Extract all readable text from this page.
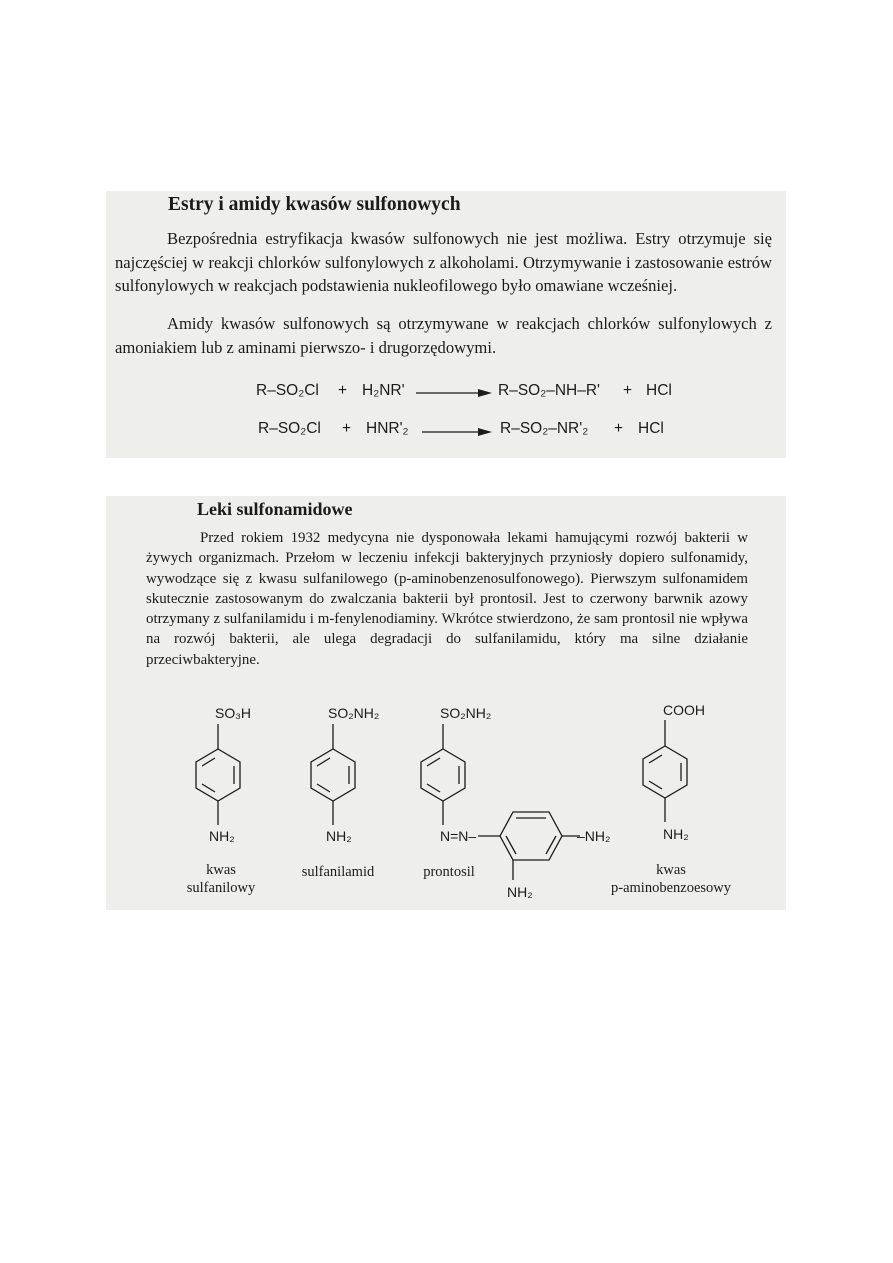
Estry i amidy kwasów sulfonowych

Bezpośrednia estryfikacja kwasów sulfonowych nie jest możliwa. Estry otrzymuje się najczęściej w reakcji chlorków sulfonylowych z alkoholami. Otrzymywanie i zastosowanie estrów sulfonylowych w reakcjach podstawienia nukleofilowego było omawiane wcześniej.

Amidy kwasów sulfonowych są otrzymywane w reakcjach chlorków sulfonylowych z amoniakiem lub z aminami pierwszo- i drugorzędowymi.

R–SO₂Cl + H₂NR'	R–SO₂–NH–R' + HCl
R–SO₂Cl + HNR'₂	R–SO₂–NR'₂ + HCl
Leki sulfonamidowe

Przed rokiem 1932 medycyna nie dysponowała lekami hamującymi rozwój bakterii w żywych organizmach. Przełom w leczeniu infekcji bakteryjnych przyniosły dopiero sulfonamidy, wywodzące się z kwasu sulfanilowego (p-aminobenzenosulfonowego). Pierwszym sulfonamidem skutecznie zastosowanym do zwalczania bakterii był prontosil. Jest to czerwony barwnik azowy otrzymany z sulfanilamidu i m-fenylenodiaminy. Wkrótce stwierdzono, że sam prontosil nie wpływa na rozwój bakterii, ale ulega degradacji do sulfanilamidu, który ma silne działanie przeciwbakteryjne.

SO₃H
NH₂
SO₂NH₂
NH₂
SO₂NH₂
N=N–	–NH₂
NH₂
COOH
NH₂
kwas
sulfanilowy
sulfanilamid	prontosil	kwas
p-aminobenzoesowy
